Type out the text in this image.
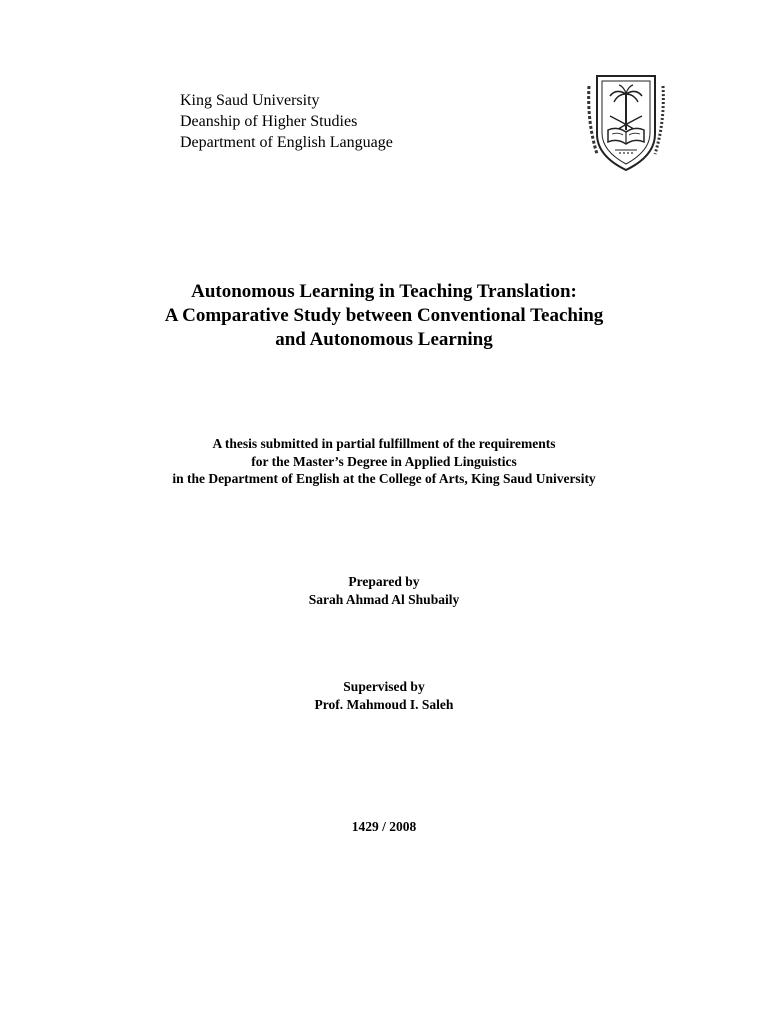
King Saud University
Deanship of Higher Studies
Department of English Language
Autonomous Learning in Teaching Translation:
A Comparative Study between Conventional Teaching
and Autonomous Learning
A thesis submitted in partial fulfillment of the requirements
for the Master’s Degree in Applied Linguistics
in the Department of English at the College of Arts, King Saud University
Prepared by
Sarah Ahmad Al Shubaily
Supervised by
Prof. Mahmoud I. Saleh
1429 / 2008
